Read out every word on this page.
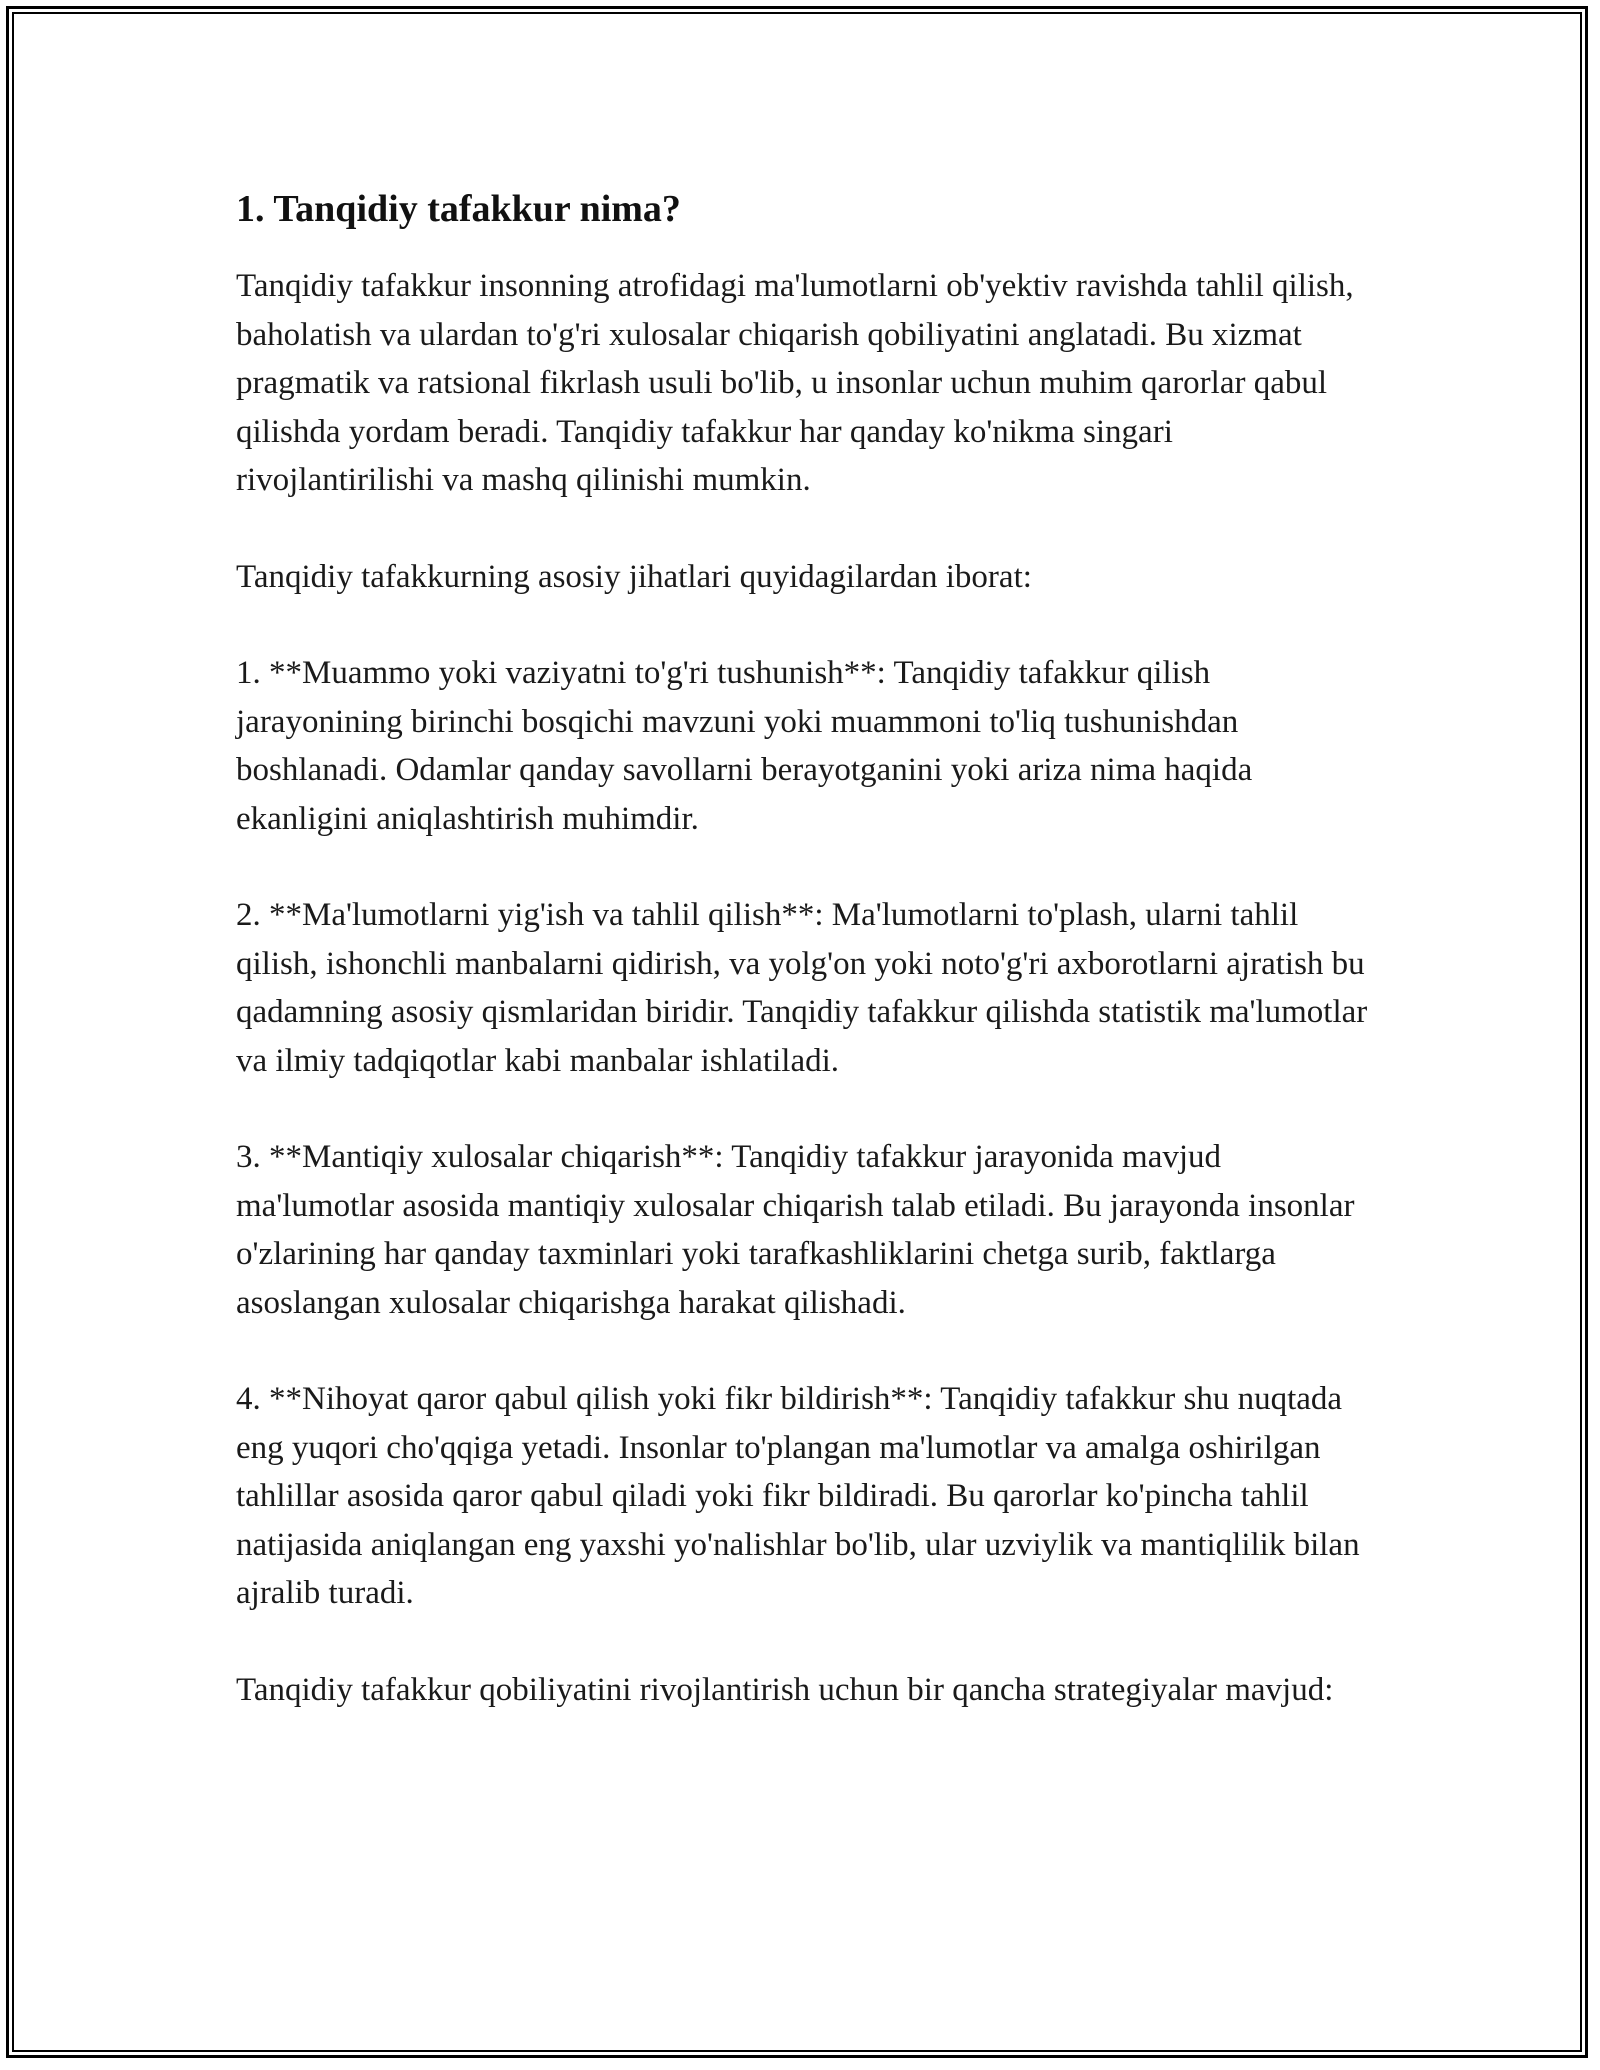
1. Tanqidiy tafakkur nima?

Tanqidiy tafakkur insonning atrofidagi ma'lumotlarni ob'yektiv ravishda tahlil qilish, baholatish va ulardan to'g'ri xulosalar chiqarish qobiliyatini anglatadi. Bu xizmat pragmatik va ratsional fikrlash usuli bo'lib, u insonlar uchun muhim qarorlar qabul qilishda yordam beradi. Tanqidiy tafakkur har qanday ko'nikma singari rivojlantirilishi va mashq qilinishi mumkin.

Tanqidiy tafakkurning asosiy jihatlari quyidagilardan iborat:

1. **Muammo yoki vaziyatni to'g'ri tushunish**: Tanqidiy tafakkur qilish jarayonining birinchi bosqichi mavzuni yoki muammoni to'liq tushunishdan boshlanadi. Odamlar qanday savollarni berayotganini yoki ariza nima haqida ekanligini aniqlashtirish muhimdir.

2. **Ma'lumotlarni yig'ish va tahlil qilish**: Ma'lumotlarni to'plash, ularni tahlil qilish, ishonchli manbalarni qidirish, va yolg'on yoki noto'g'ri axborotlarni ajratish bu qadamning asosiy qismlaridan biridir. Tanqidiy tafakkur qilishda statistik ma'lumotlar va ilmiy tadqiqotlar kabi manbalar ishlatiladi.

3. **Mantiqiy xulosalar chiqarish**: Tanqidiy tafakkur jarayonida mavjud ma'lumotlar asosida mantiqiy xulosalar chiqarish talab etiladi. Bu jarayonda insonlar o'zlarining har qanday taxminlari yoki tarafkashliklarini chetga surib, faktlarga asoslangan xulosalar chiqarishga harakat qilishadi.

4. **Nihoyat qaror qabul qilish yoki fikr bildirish**: Tanqidiy tafakkur shu nuqtada eng yuqori cho'qqiga yetadi. Insonlar to'plangan ma'lumotlar va amalga oshirilgan tahlillar asosida qaror qabul qiladi yoki fikr bildiradi. Bu qarorlar ko'pincha tahlil natijasida aniqlangan eng yaxshi yo'nalishlar bo'lib, ular uzviylik va mantiqlilik bilan ajralib turadi.

Tanqidiy tafakkur qobiliyatini rivojlantirish uchun bir qancha strategiyalar mavjud:
